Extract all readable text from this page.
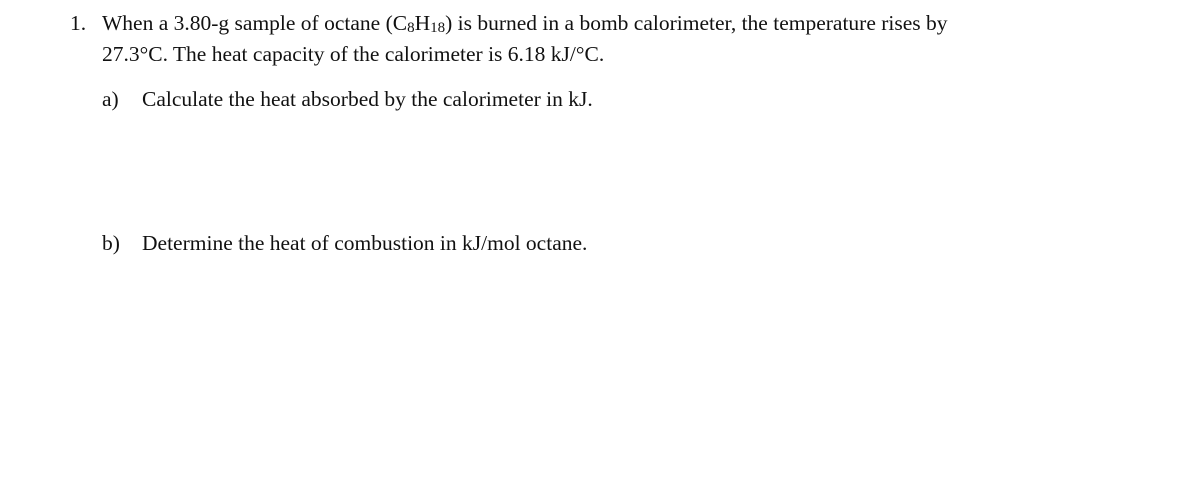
1. When a 3.80-g sample of octane $(C_8H_{18})$ is burned in a bomb calorimeter, the temperature rises by
27.3°C. The heat capacity of the calorimeter is 6.18 kJ/°C.
a) Calculate the heat absorbed by the calorimeter in kJ.
b) Determine the heat of combustion in kJ/mol octane.
